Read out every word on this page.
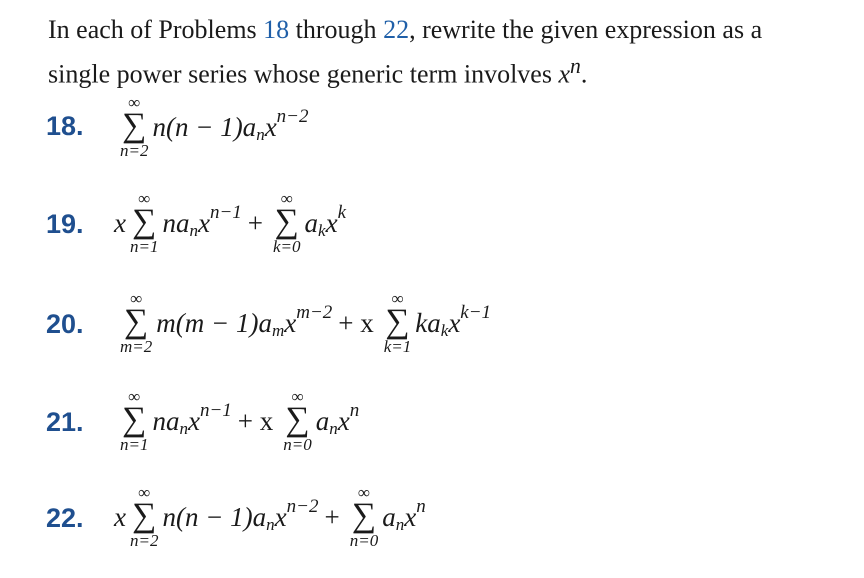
In each of Problems 18 through 22, rewrite the given expression as a
single power series whose generic term involves $x^n$.
18.
∞
∑
n=2
n(n − 1)a n x n−2
19. x
∞
∑
n=1
na n x n−1 +
∞
∑
k=0
a k x k
20.
∞
∑
m=2
m(m − 1)a m x m−2 + x
∞
∑
k=1
ka k x k−1
21.
∞
∑
n=1
na n x n−1 + x
∞
∑
n=0
a n x n
22. x
∞
∑
n=2
n(n − 1)a n x n−2 +
∞
∑
n=0
a n x n
